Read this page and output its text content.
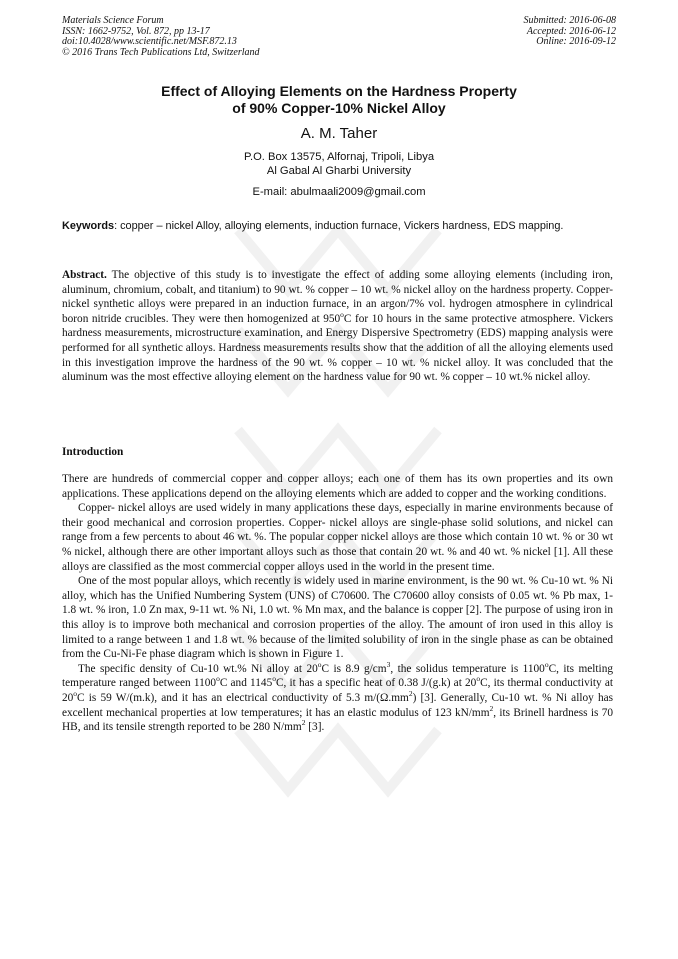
Materials Science Forum
ISSN: 1662-9752, Vol. 872, pp 13-17
doi:10.4028/www.scientific.net/MSF.872.13
© 2016 Trans Tech Publications Ltd, Switzerland
Submitted: 2016-06-08
Accepted: 2016-06-12
Online: 2016-09-12
Effect of Alloying Elements on the Hardness Property
of 90% Copper-10% Nickel Alloy
A. M. Taher
P.O. Box 13575, Alfornaj, Tripoli, Libya
Al Gabal Al Gharbi University
E-mail: abulmaali2009@gmail.com
Keywords: copper – nickel Alloy, alloying elements, induction furnace, Vickers hardness, EDS mapping.

Abstract. The objective of this study is to investigate the effect of adding some alloying elements (including iron, aluminum, chromium, cobalt, and titanium) to 90 wt. % copper – 10 wt. % nickel alloy on the hardness property. Copper-nickel synthetic alloys were prepared in an induction furnace, in an argon/7% vol. hydrogen atmosphere in cylindrical boron nitride crucibles. They were then homogenized at 950$^o$C for 10 hours in the same protective atmosphere. Vickers hardness measurements, microstructure examination, and Energy Dispersive Spectrometry (EDS) mapping analysis were performed for all synthetic alloys. Hardness measurements results show that the addition of all the alloying elements used in this investigation improve the hardness of the 90 wt. % copper – 10 wt. % nickel alloy. It was concluded that the aluminum was the most effective alloying element on the hardness value for 90 wt. % copper – 10 wt.% nickel alloy.

Introduction

There are hundreds of commercial copper and copper alloys; each one of them has its own properties and its own applications. These applications depend on the alloying elements which are added to copper and the working conditions.

Copper- nickel alloys are used widely in many applications these days, especially in marine environments because of their good mechanical and corrosion properties. Copper- nickel alloys are single-phase solid solutions, and nickel can range from a few percents to about 46 wt. %. The popular copper nickel alloys are those which contain 10 wt. % or 30 wt % nickel, although there are other important alloys such as those that contain 20 wt. % and 40 wt. % nickel [1]. All these alloys are classified as the most commercial copper alloys used in the world in the present time.

One of the most popular alloys, which recently is widely used in marine environment, is the 90 wt. % Cu-10 wt. % Ni alloy, which has the Unified Numbering System (UNS) of C70600. The C70600 alloy consists of 0.05 wt. % Pb max, 1-1.8 wt. % iron, 1.0 Zn max, 9-11 wt. % Ni, 1.0 wt. % Mn max, and the balance is copper [2]. The purpose of using iron in this alloy is to improve both mechanical and corrosion properties of the alloy. The amount of iron used in this alloy is limited to a range between 1 and 1.8 wt. % because of the limited solubility of iron in the single phase as can be obtained from the Cu-Ni-Fe phase diagram which is shown in Figure 1.

The specific density of Cu-10 wt.% Ni alloy at 20$^o$C is 8.9 $g/cm^3$, the solidus temperature is 1100$^o$C, its melting temperature ranged between 1100$^o$C and 1145$^o$C, it has a specific heat of 0.38 J/(g.k) at 20$^o$C, its thermal conductivity at 20$^o$C is 59 W/(m.k), and it has an electrical conductivity of 5.3 $m/(\Omega.mm^2)$ [3]. Generally, Cu-10 wt. % Ni alloy has excellent mechanical properties at low temperatures; it has an elastic modulus of 123 $kN/mm^2$, its Brinell hardness is 70 HB, and its tensile strength reported to be 280 $N/mm^2$ [3].
